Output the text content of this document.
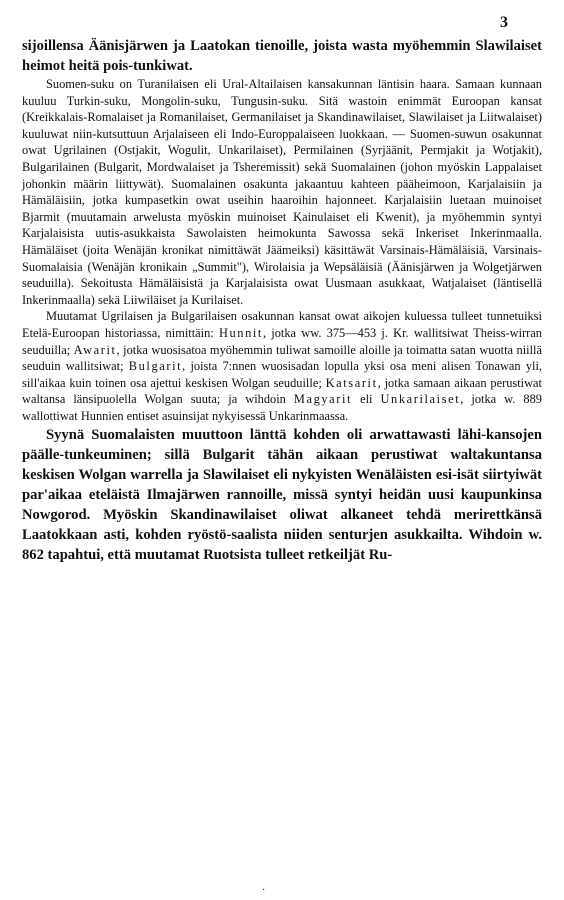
3

sijoillensa Äänisjärwen ja Laatokan tienoille, joista wasta myöhemmin Slawilaiset heimot heitä pois-tunkiwat.

Suomen-suku on Turanilaisen eli Ural-Altailaisen kansakunnan läntisin haara. Samaan kunnaan kuuluu Turkin-suku, Mongolin-suku, Tungusin-suku. Sitä wastoin enimmät Euroopan kansat (Kreikkalais-Romalaiset ja Romanilaiset, Germanilaiset ja Skandinawilaiset, Slawilaiset ja Liitwalaiset) kuuluwat niin-kutsuttuun Arjalaiseen eli Indo-Europpalaiseen luokkaan. — Suomen-suwun osakunnat owat Ugrilainen (Ostjakit, Wogulit, Unkarilaiset), Permilainen (Syrjäänit, Permjakit ja Wotjakit), Bulgarilainen (Bulgarit, Mordwalaiset ja Tsheremissit) sekä Suomalainen (johon myöskin Lappalaiset johonkin määrin liittywät). Suomalainen osakunta jakaantuu kahteen pääheimoon, Karjalaisiin ja Hämäläisiin, jotka kumpasetkin owat useihin haaroihin hajonneet. Karjalaisiin luetaan muinoiset Bjarmit (muutamain arwelusta myöskin muinoiset Kainulaiset eli Kwenit), ja myöhemmin syntyi Karjalaisista uutis-asukkaista Sawolaisten heimokunta Sawossa sekä Inkeriset Inkerinmaalla. Hämäläiset (joita Wenäjän kronikat nimittäwät Jäämeiksi) käsittäwät Varsinais-Hämäläisiä, Varsinais-Suomalaisia (Wenäjän kronikain „Summit"), Wirolaisia ja Wepsäläisiä (Äänisjärwen ja Wolgetjärwen seuduilla). Sekoitusta Hämäläisistä ja Karjalaisista owat Uusmaan asukkaat, Watjalaiset (läntisellä Inkerinmaalla) sekä Liiwiläiset ja Kurilaiset.

Muutamat Ugrilaisen ja Bulgarilaisen osakunnan kansat owat aikojen kuluessa tulleet tunnetuiksi Etelä-Euroopan historiassa, nimittäin: Hunnit, jotka ww. 375—453 j. Kr. wallitsiwat Theiss-wirran seuduilla; Awarit, jotka wuosisatoa myöhemmin tuliwat samoille aloille ja toimatta satan wuotta niillä seuduin wallitsiwat; Bulgarit, joista 7:nnen wuosisadan lopulla yksi osa meni alisen Tonawan yli, sill'aikaa kuin toinen osa ajettui keskisen Wolgan seuduille; Katsarit, jotka samaan aikaan perustiwat waltansa länsipuolella Wolgan suuta; ja wihdoin Magyarit eli Unkarilaiset, jotka w. 889 wallottiwat Hunnien entiset asuinsijat nykyisessä Unkarinmaassa.

Syynä Suomalaisten muuttoon länttä kohden oli arwattawasti lähi-kansojen päälle-tunkeuminen; sillä Bulgarit tähän aikaan perustiwat waltakuntansa keskisen Wolgan warrella ja Slawilaiset eli nykyisten Wenäläisten esi-isät siirtyiwät par'aikaa eteläistä Ilmajärwen rannoille, missä syntyi heidän uusi kaupunkinsa Nowgorod. Myöskin Skandinawilaiset oliwat alkaneet tehdä merirettkänsä Laatokkaan asti, kohden ryöstö-saalista niiden senturjen asukkailta. Wihdoin w. 862 tapahtui, että muutamat Ruotsista tulleet retkeiljät Ru-

.
